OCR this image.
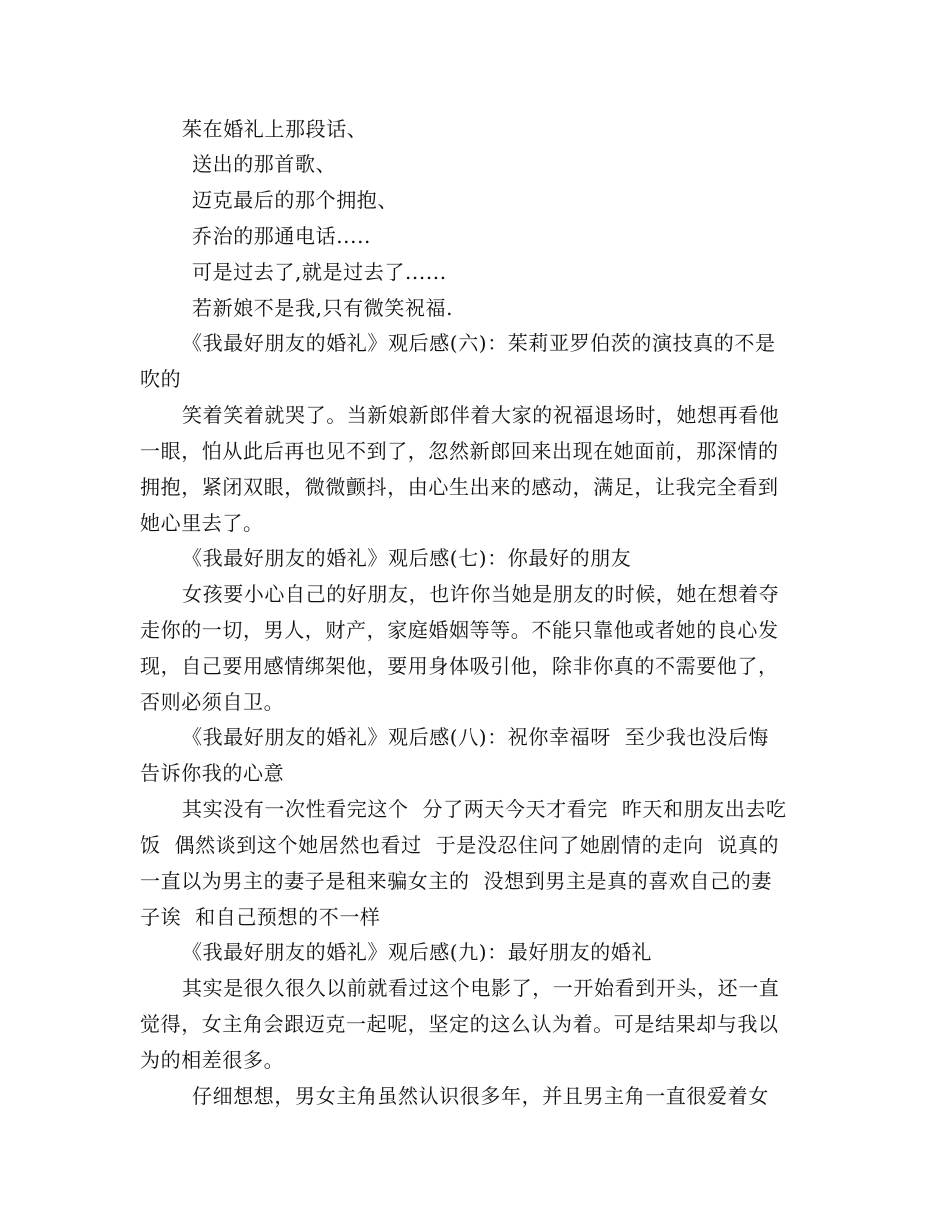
茱在婚礼上那段话、
送出的那首歌、
迈克最后的那个拥抱、
乔治的那通电话.....
可是过去了,就是过去了......
若新娘不是我,只有微笑祝福.
《我最好朋友的婚礼》观后感(六)：茱莉亚罗伯茨的演技真的不是
吹的
笑着笑着就哭了。当新娘新郎伴着大家的祝福退场时，她想再看他
一眼，怕从此后再也见不到了，忽然新郎回来出现在她面前，那深情的
拥抱，紧闭双眼，微微颤抖，由心生出来的感动，满足，让我完全看到
她心里去了。
《我最好朋友的婚礼》观后感(七)：你最好的朋友
女孩要小心自己的好朋友，也许你当她是朋友的时候，她在想着夺
走你的一切，男人，财产，家庭婚姻等等。不能只靠他或者她的良心发
现，自己要用感情绑架他，要用身体吸引他，除非你真的不需要他了，
否则必须自卫。
《我最好朋友的婚礼》观后感(八)：祝你幸福呀  至少我也没后悔
告诉你我的心意
其实没有一次性看完这个  分了两天今天才看完  昨天和朋友出去吃
饭  偶然谈到这个她居然也看过  于是没忍住问了她剧情的走向  说真的
一直以为男主的妻子是租来骗女主的  没想到男主是真的喜欢自己的妻
子诶  和自己预想的不一样
《我最好朋友的婚礼》观后感(九)：最好朋友的婚礼
其实是很久很久以前就看过这个电影了，一开始看到开头，还一直
觉得，女主角会跟迈克一起呢，坚定的这么认为着。可是结果却与我以
为的相差很多。
仔细想想，男女主角虽然认识很多年，并且男主角一直很爱着女
